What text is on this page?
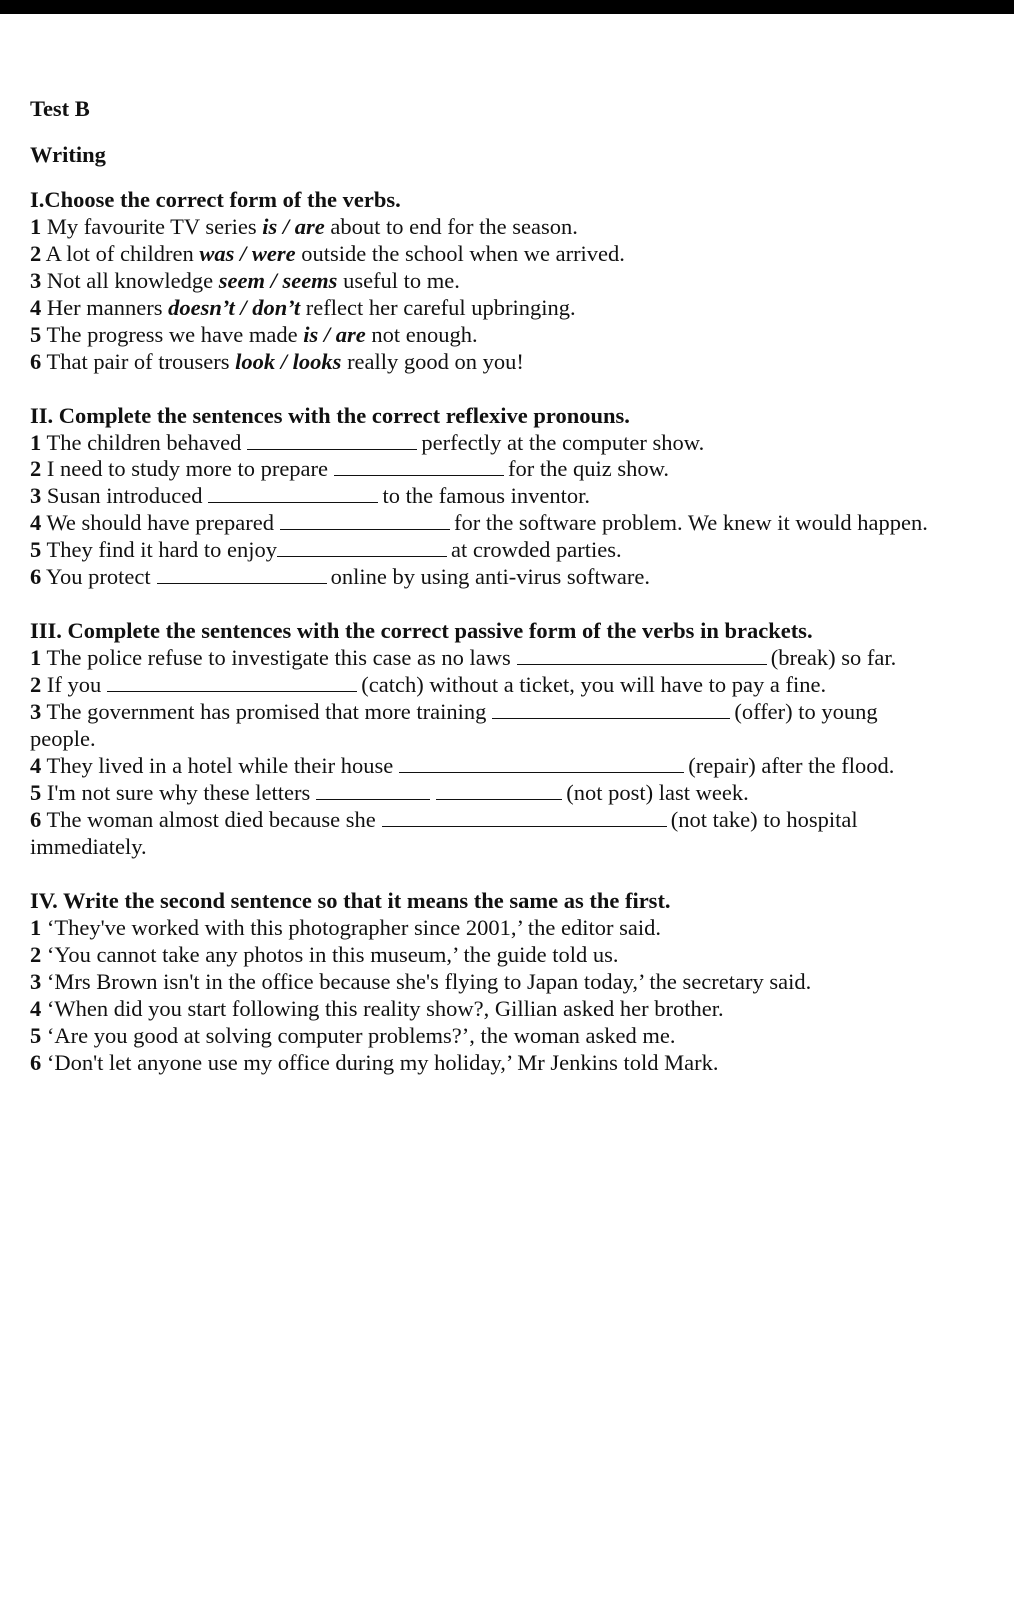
Test B
Writing
I.Choose the correct form of the verbs.
1 My favourite TV series is / are about to end for the season.
2 A lot of children was / were outside the school when we arrived.
3 Not all knowledge seem / seems useful to me.
4 Her manners doesn’t / don’t reflect her careful upbringing.
5 The progress we have made is / are not enough.
6 That pair of trousers look / looks really good on you!
II. Complete the sentences with the correct reflexive pronouns.
1 The children behaved	perfectly at the computer show.
2 I need to study more to prepare	for the quiz show.
3 Susan introduced	to the famous inventor.
4 We should have prepared	for the software problem. We knew it would happen.
5 They find it hard to enjoy	at crowded parties.
6 You protect	online by using anti-virus software.
III. Complete the sentences with the correct passive form of the verbs in brackets.
1 The police refuse to investigate this case as no laws	(break) so far.
2 If you	(catch) without a ticket, you will have to pay a fine.
3 The government has promised that more training	(offer) to young
people.
4 They lived in a hotel while their house	(repair) after the flood.
5 I'm not sure why these letters	(not post) last week.
6 The woman almost died because she	(not take) to hospital
immediately.
IV. Write the second sentence so that it means the same as the first.
1 ‘They've worked with this photographer since 2001,’ the editor said.
2 ‘You cannot take any photos in this museum,’ the guide told us.
3 ‘Mrs Brown isn't in the office because she's flying to Japan today,’ the secretary said.
4 ‘When did you start following this reality show?, Gillian asked her brother.
5 ‘Are you good at solving computer problems?’, the woman asked me.
6 ‘Don't let anyone use my office during my holiday,’ Mr Jenkins told Mark.
